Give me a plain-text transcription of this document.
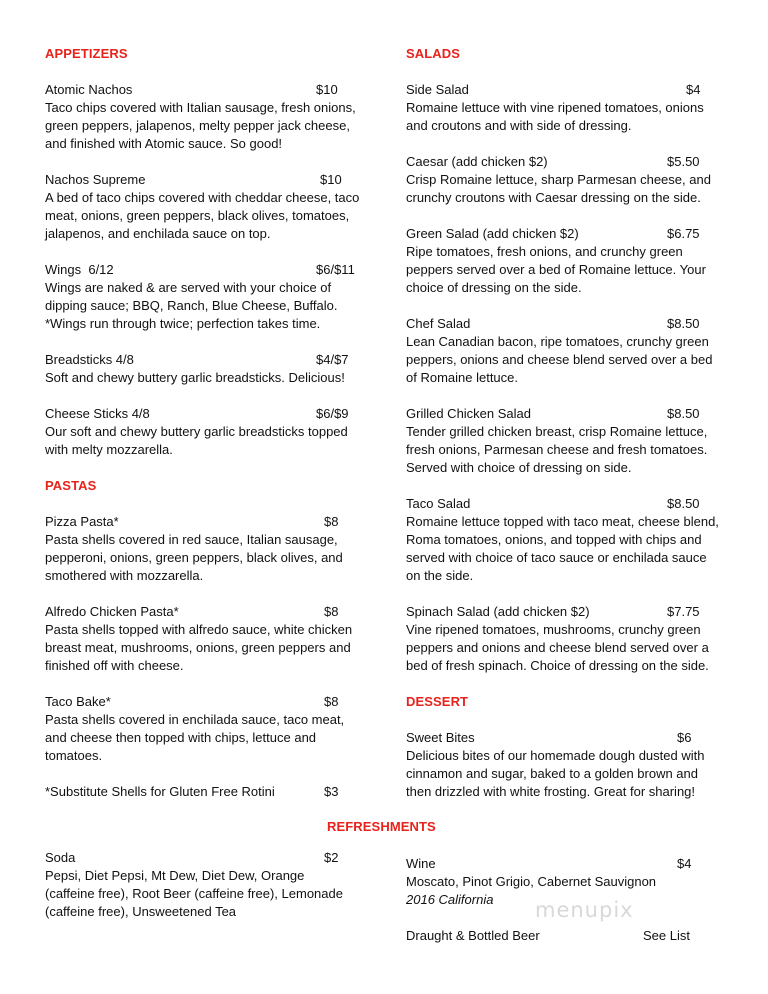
APPETIZERS
PASTAS
SALADS
DESSERT
REFRESHMENTS
Atomic Nachos	$10
Taco chips covered with Italian sausage, fresh onions, green peppers, jalapenos, melty pepper jack cheese, and finished with Atomic sauce. So good!
Nachos Supreme	$10
A bed of taco chips covered with cheddar cheese, taco meat, onions, green peppers, black olives, tomatoes, jalapenos, and enchilada sauce on top.
Wings  6/12	$6/$11
Wings are naked & are served with your choice of dipping sauce; BBQ, Ranch, Blue Cheese, Buffalo.
*Wings run through twice; perfection takes time.
Breadsticks 4/8	$4/$7
Soft and chewy buttery garlic breadsticks. Delicious!
Cheese Sticks 4/8	$6/$9
Our soft and chewy buttery garlic breadsticks topped with melty mozzarella.
Pizza Pasta*	$8
Pasta shells covered in red sauce, Italian sausage, pepperoni, onions, green peppers, black olives, and smothered with mozzarella.
Alfredo Chicken Pasta*	$8
Pasta shells topped with alfredo sauce, white chicken breast meat, mushrooms, onions, green peppers and finished off with cheese.
Taco Bake*	$8
Pasta shells covered in enchilada sauce, taco meat, and cheese then topped with chips, lettuce and tomatoes.
*Substitute Shells for Gluten Free Rotini	$3
Side Salad	$4
Romaine lettuce with vine ripened tomatoes, onions and croutons and with side of dressing.
Caesar (add chicken $2)	$5.50
Crisp Romaine lettuce, sharp Parmesan cheese, and crunchy croutons with Caesar dressing on the side.
Green Salad (add chicken $2)	$6.75
Ripe tomatoes, fresh onions, and crunchy green peppers served over a bed of Romaine lettuce. Your choice of dressing on the side.
Chef Salad	$8.50
Lean Canadian bacon, ripe tomatoes, crunchy green peppers, onions and cheese blend served over a bed of Romaine lettuce.
Grilled Chicken Salad	$8.50
Tender grilled chicken breast, crisp Romaine lettuce, fresh onions, Parmesan cheese and fresh tomatoes. Served with choice of dressing on side.
Taco Salad	$8.50
Romaine lettuce topped with taco meat, cheese blend, Roma tomatoes, onions, and topped with chips and served with choice of taco sauce or enchilada sauce on the side.
Spinach Salad (add chicken $2)	$7.75
Vine ripened tomatoes, mushrooms, crunchy green peppers and onions and cheese blend served over a bed of fresh spinach. Choice of dressing on the side.
Sweet Bites	$6
Delicious bites of our homemade dough dusted with cinnamon and sugar, baked to a golden brown and then drizzled with white frosting. Great for sharing!
Soda	$2
Pepsi, Diet Pepsi, Mt Dew, Diet Dew, Orange (caffeine free), Root Beer (caffeine free), Lemonade (caffeine free), Unsweetened Tea
Wine	$4
Moscato, Pinot Grigio, Cabernet Sauvignon
2016 California
Draught & Bottled Beer	See List
menupix
